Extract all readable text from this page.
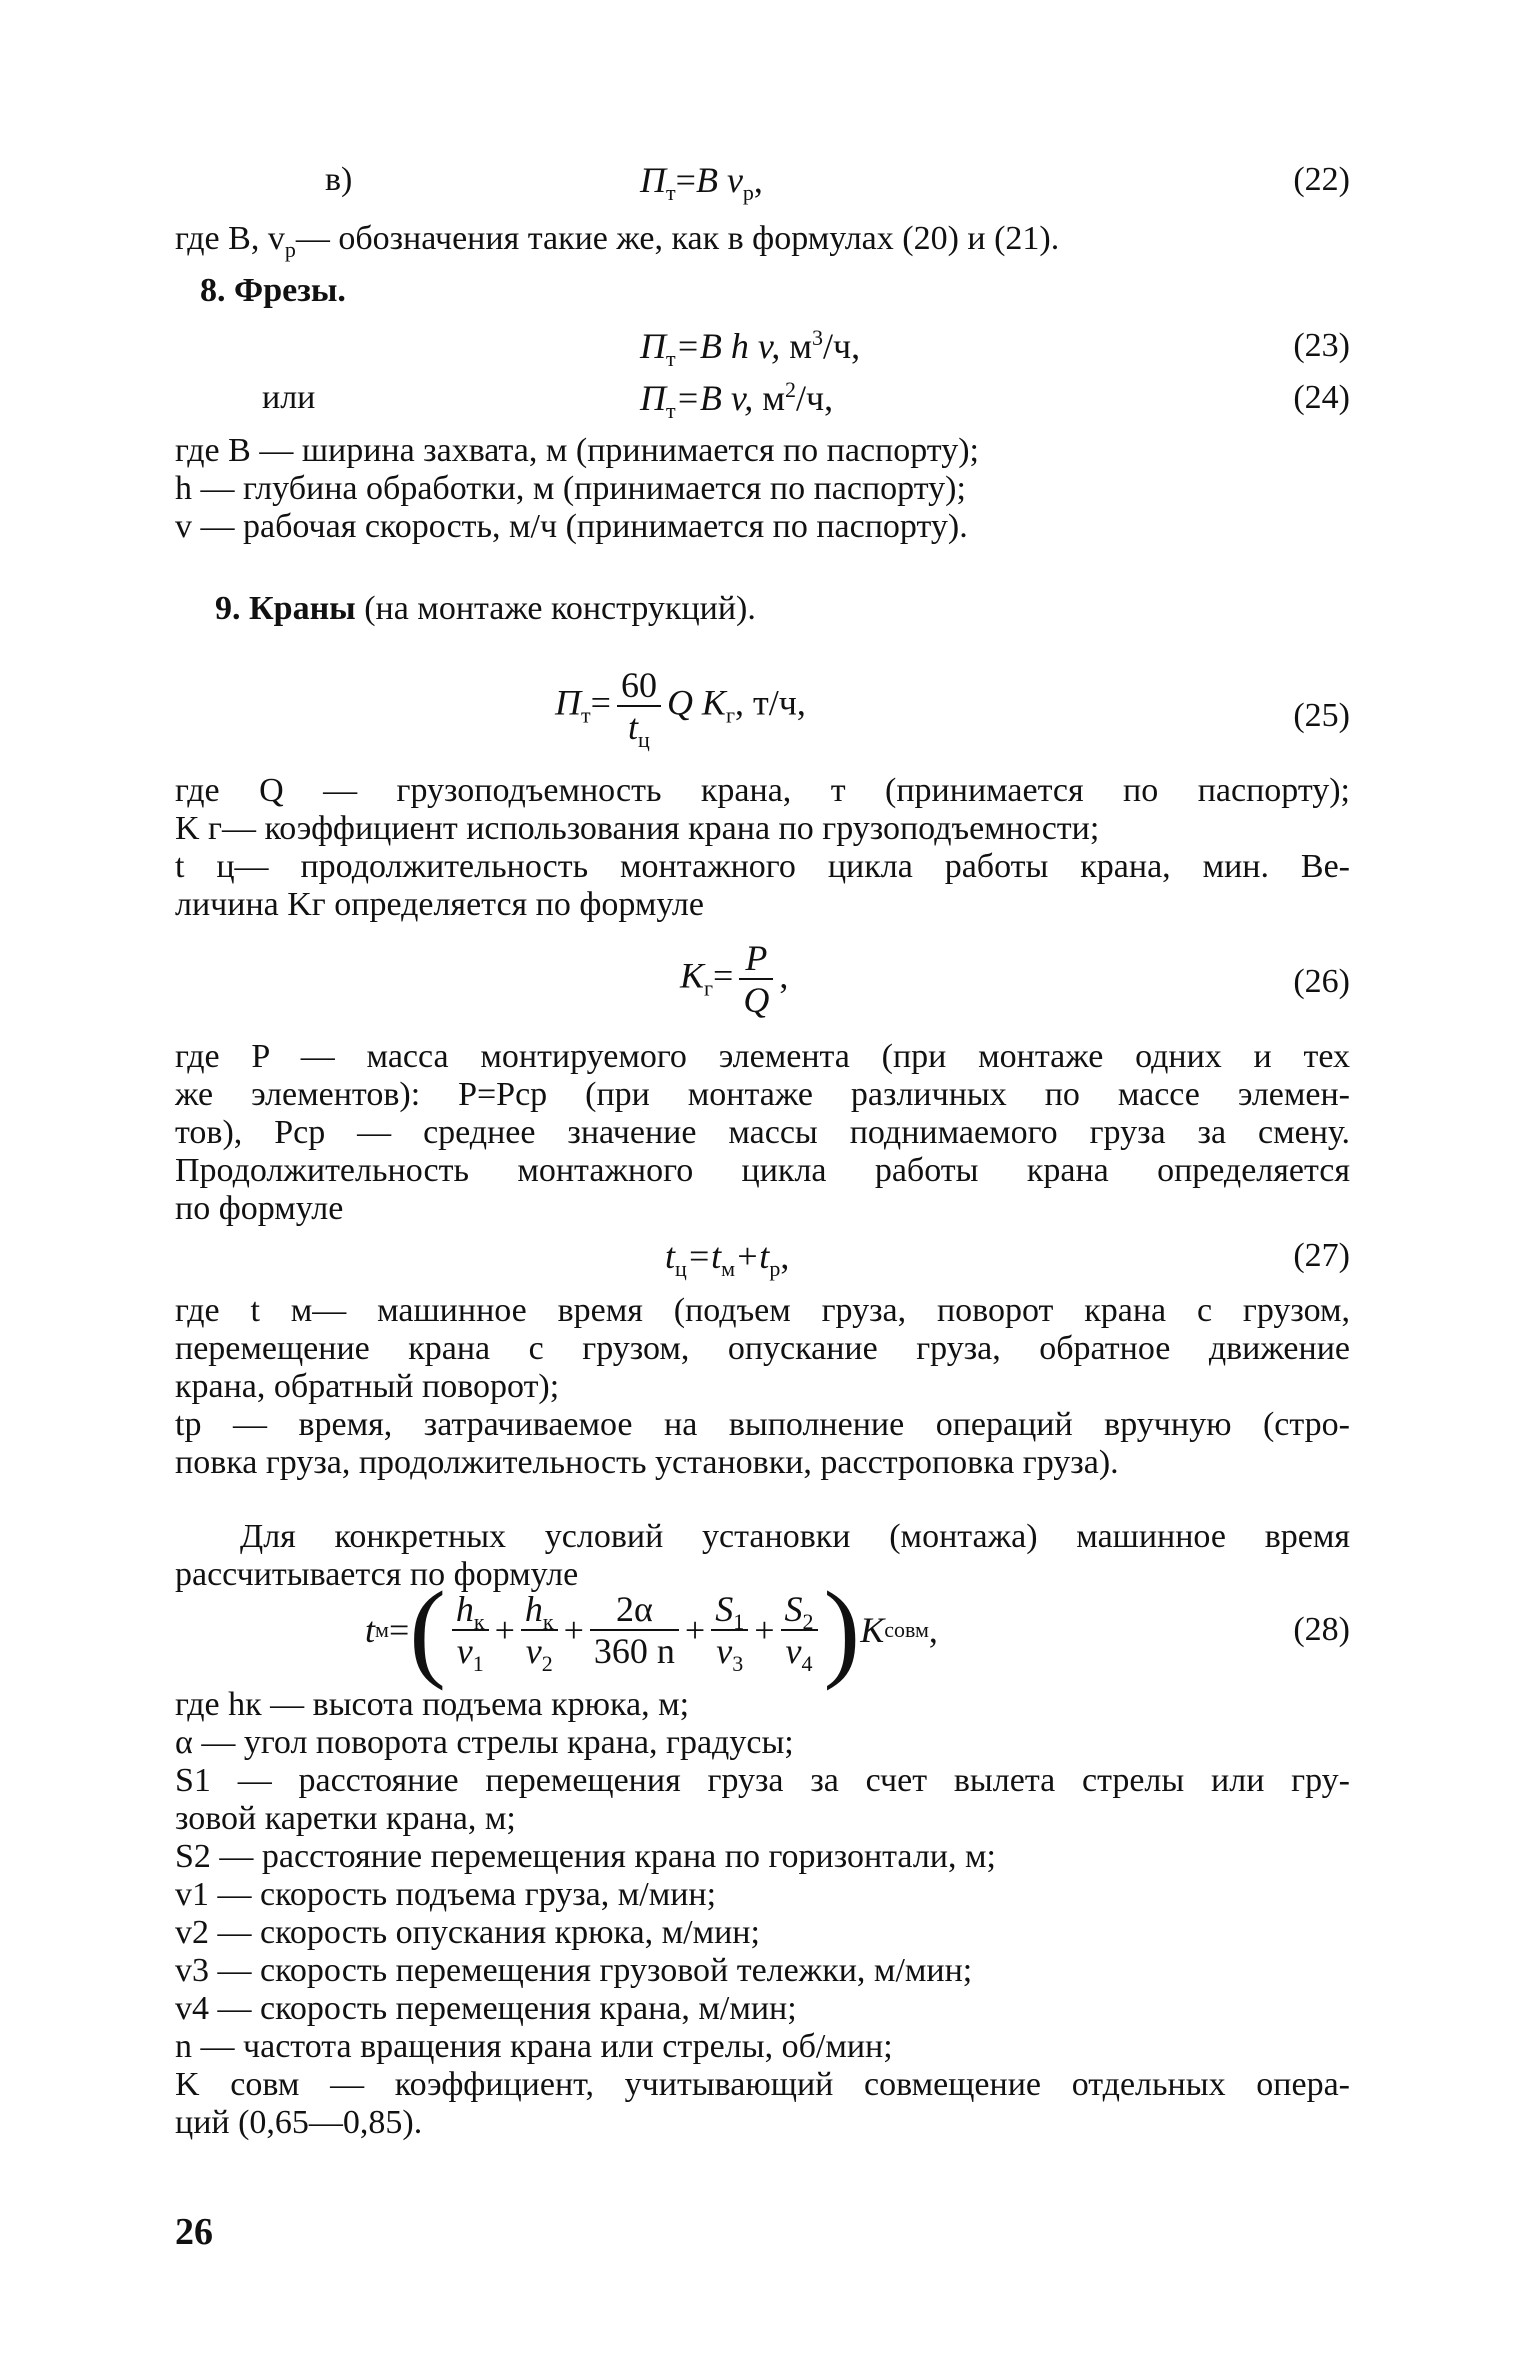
в)	$П_т=B$ $v_р$,	(22)
где B, $v_р—$ обозначения такие же, как в формулах (20) и (21).
8. Фрезы.
$П_т=B$ h v, $м^3/ч$,	(23)
или	$П_т=B$ v, $м^2/ч$,	(24)
где B — ширина захвата, м (принимается по паспорту);
h — глубина обработки, м (принимается по паспорту);
v — рабочая скорость, м/ч (принимается по паспорту).
9. Краны (на монтаже конструкций).
$П_т= \frac{60}{t_ц}$ Q $K_г$, т/ч,	(25)
где Q — грузоподъемность крана, т (принимается по паспорту);
K г— коэффициент использования крана по грузоподъемности;
t ц— продолжительность монтажного цикла работы крана, мин. Ве-
личина Kг определяется по формуле
$K_г= \frac{P}{Q}$ ,	(26)
где P — масса монтируемого элемента (при монтаже одних и тех
же элементов): P=Pср (при монтаже различных по массе элемен-
тов), Pср — среднее значение массы поднимаемого груза за смену.
Продолжительность монтажного цикла работы крана определяется
по формуле
$t_ц=t_м+t_р$,	(27)
где t м— машинное время (подъем груза, поворот крана с грузом,
перемещение крана с грузом, опускание груза, обратное движение
крана, обратный поворот);
tр — время, затрачиваемое на выполнение операций вручную (стро-
повка груза, продолжительность установки, расстроповка груза).
Для конкретных условий установки (монтажа) машинное время
рассчитывается по формуле
t м = ( $\frac{h_к}{v_1} + \frac{h_к}{v_2} + \frac{2\alpha}{360 n} + \frac{S_1}{v_3} + \frac{S_2}{v_4}$ ) K совм ,	(28)
где hк — высота подъема крюка, м;
α — угол поворота стрелы крана, градусы;
S1 — расстояние перемещения груза за счет вылета стрелы или гру-
зовой каретки крана, м;
S2 — расстояние перемещения крана по горизонтали, м;
v1 — скорость подъема груза, м/мин;
v2 — скорость опускания крюка, м/мин;
v3 — скорость перемещения грузовой тележки, м/мин;
v4 — скорость перемещения крана, м/мин;
n — частота вращения крана или стрелы, об/мин;
K совм — коэффициент, учитывающий совмещение отдельных опера-
ций (0,65—0,85).
26
